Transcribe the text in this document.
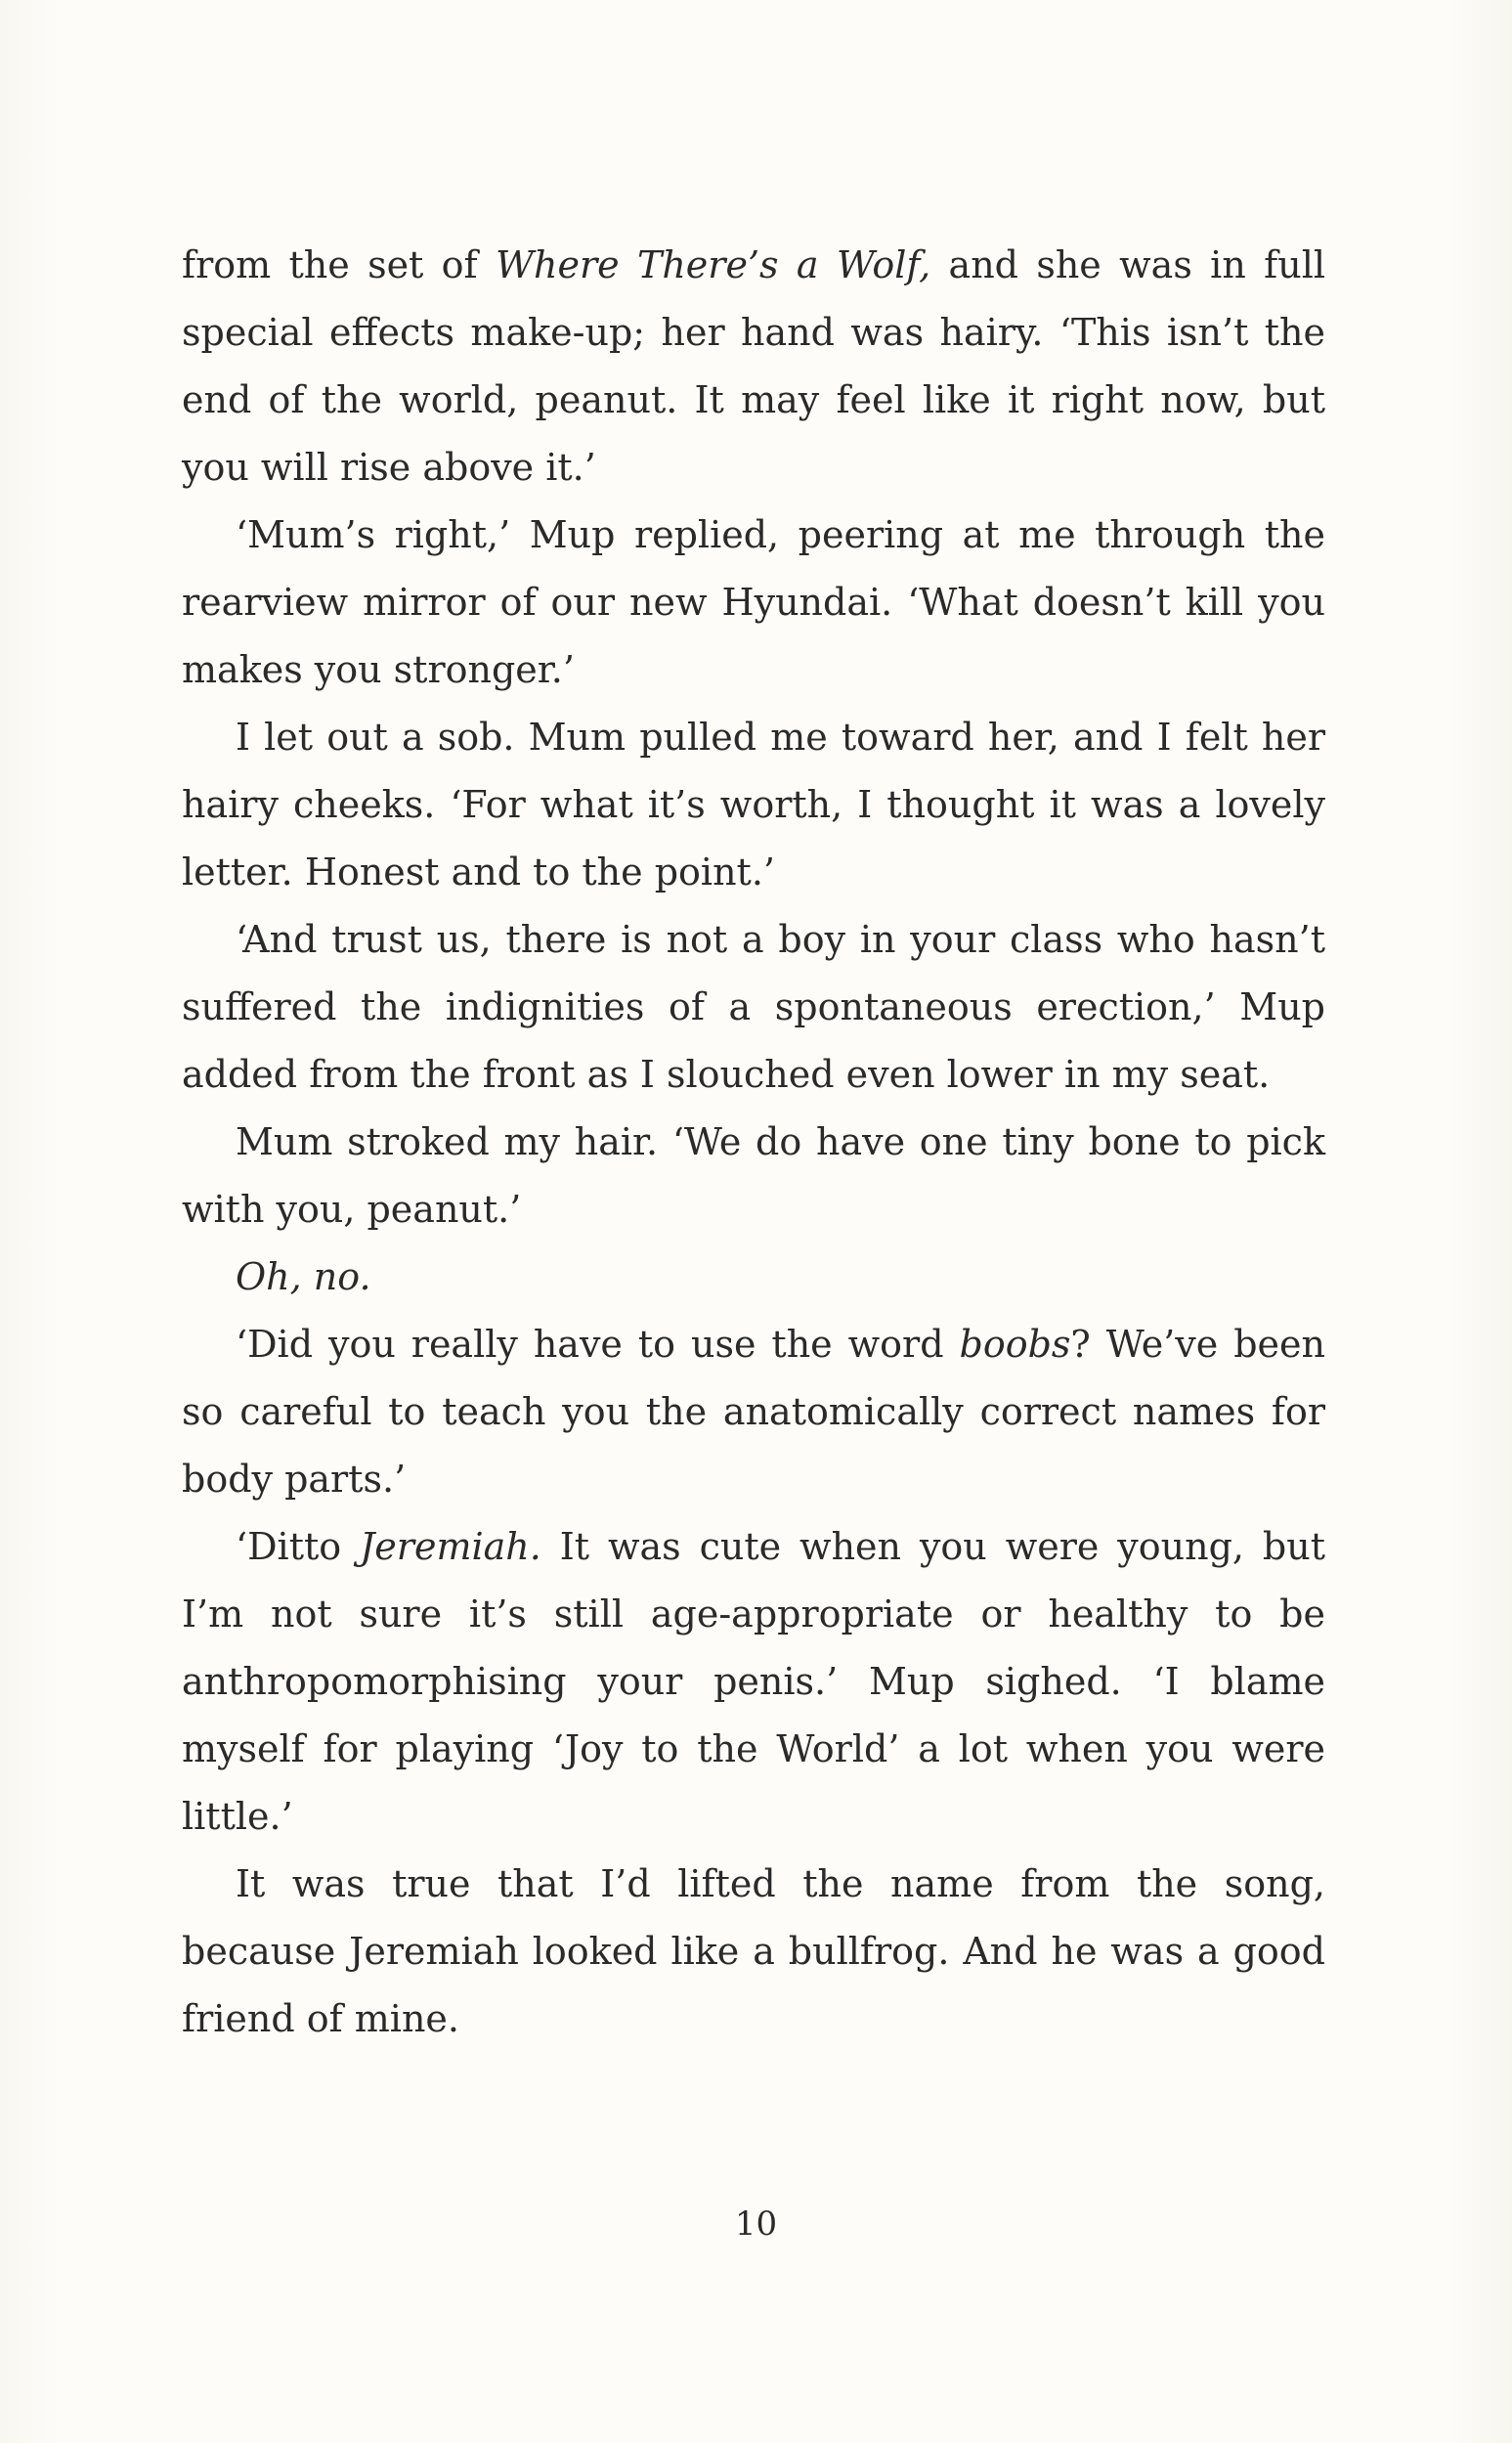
from the set of Where There’s a Wolf, and she was in full special effects make-up; her hand was hairy. ‘This isn’t the end of the world, peanut. It may feel like it right now, but you will rise above it.’

‘Mum’s right,’ Mup replied, peering at me through the rearview mirror of our new Hyundai. ‘What doesn’t kill you makes you stronger.’

I let out a sob. Mum pulled me toward her, and I felt her hairy cheeks. ‘For what it’s worth, I thought it was a lovely letter. Honest and to the point.’

‘And trust us, there is not a boy in your class who hasn’t suffered the indignities of a spontaneous erection,’ Mup added from the front as I slouched even lower in my seat.

Mum stroked my hair. ‘We do have one tiny bone to pick with you, peanut.’

Oh, no.

‘Did you really have to use the word boobs? We’ve been so careful to teach you the anatomically correct names for body parts.’

‘Ditto Jeremiah. It was cute when you were young, but I’m not sure it’s still age-appropriate or healthy to be anthropomorphising your penis.’ Mup sighed. ‘I blame myself for playing ‘Joy to the World’ a lot when you were little.’

It was true that I’d lifted the name from the song, because Jeremiah looked like a bullfrog. And he was a good friend of mine.

10
